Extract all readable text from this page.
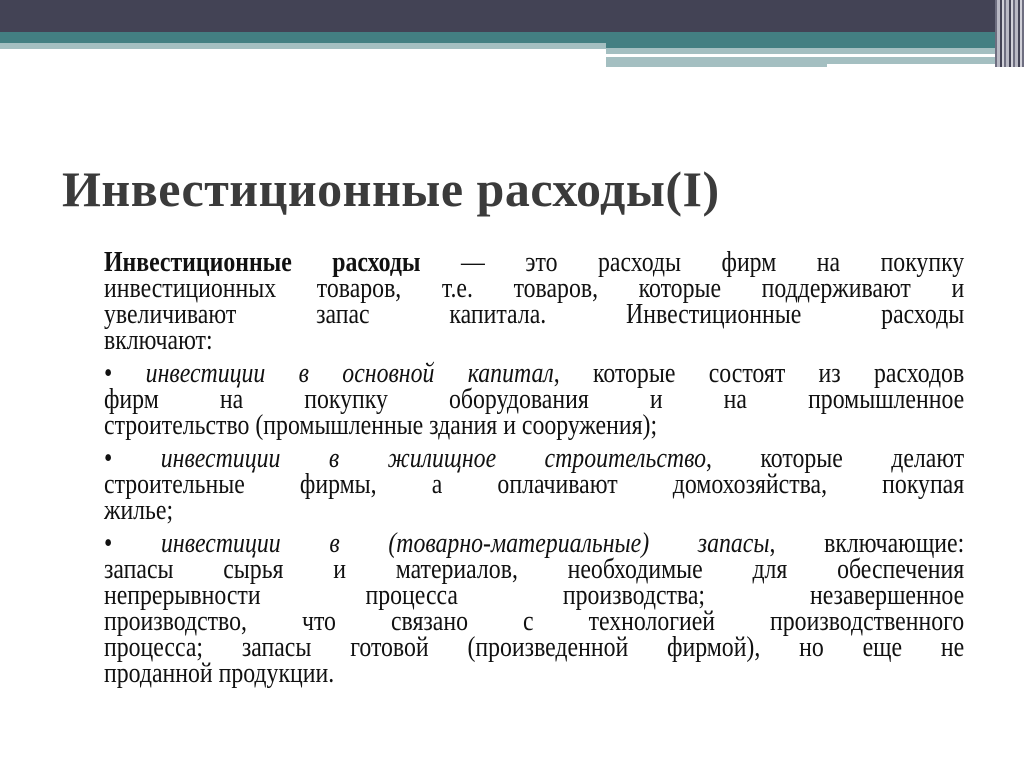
Инвестиционные расходы(I)
Инвестиционные расходы — это расходы фирм на покупку
инвестиционных товаров, т.е. товаров, которые поддерживают и
увеличивают запас капитала. Инвестиционные расходы
включают:
• инвестиции в основной капитал, которые состоят из расходов
фирм на покупку оборудования и на промышленное
строительство (промышленные здания и сооружения);
• инвестиции в жилищное строительство, которые делают
строительные фирмы, а оплачивают домохозяйства, покупая
жилье;
• инвестиции в (товарно-материальные) запасы, включающие:
запасы сырья и материалов, необходимые для обеспечения
непрерывности процесса производства; незавершенное
производство, что связано с технологией производственного
процесса; запасы готовой (произведенной фирмой), но еще не
проданной продукции.
